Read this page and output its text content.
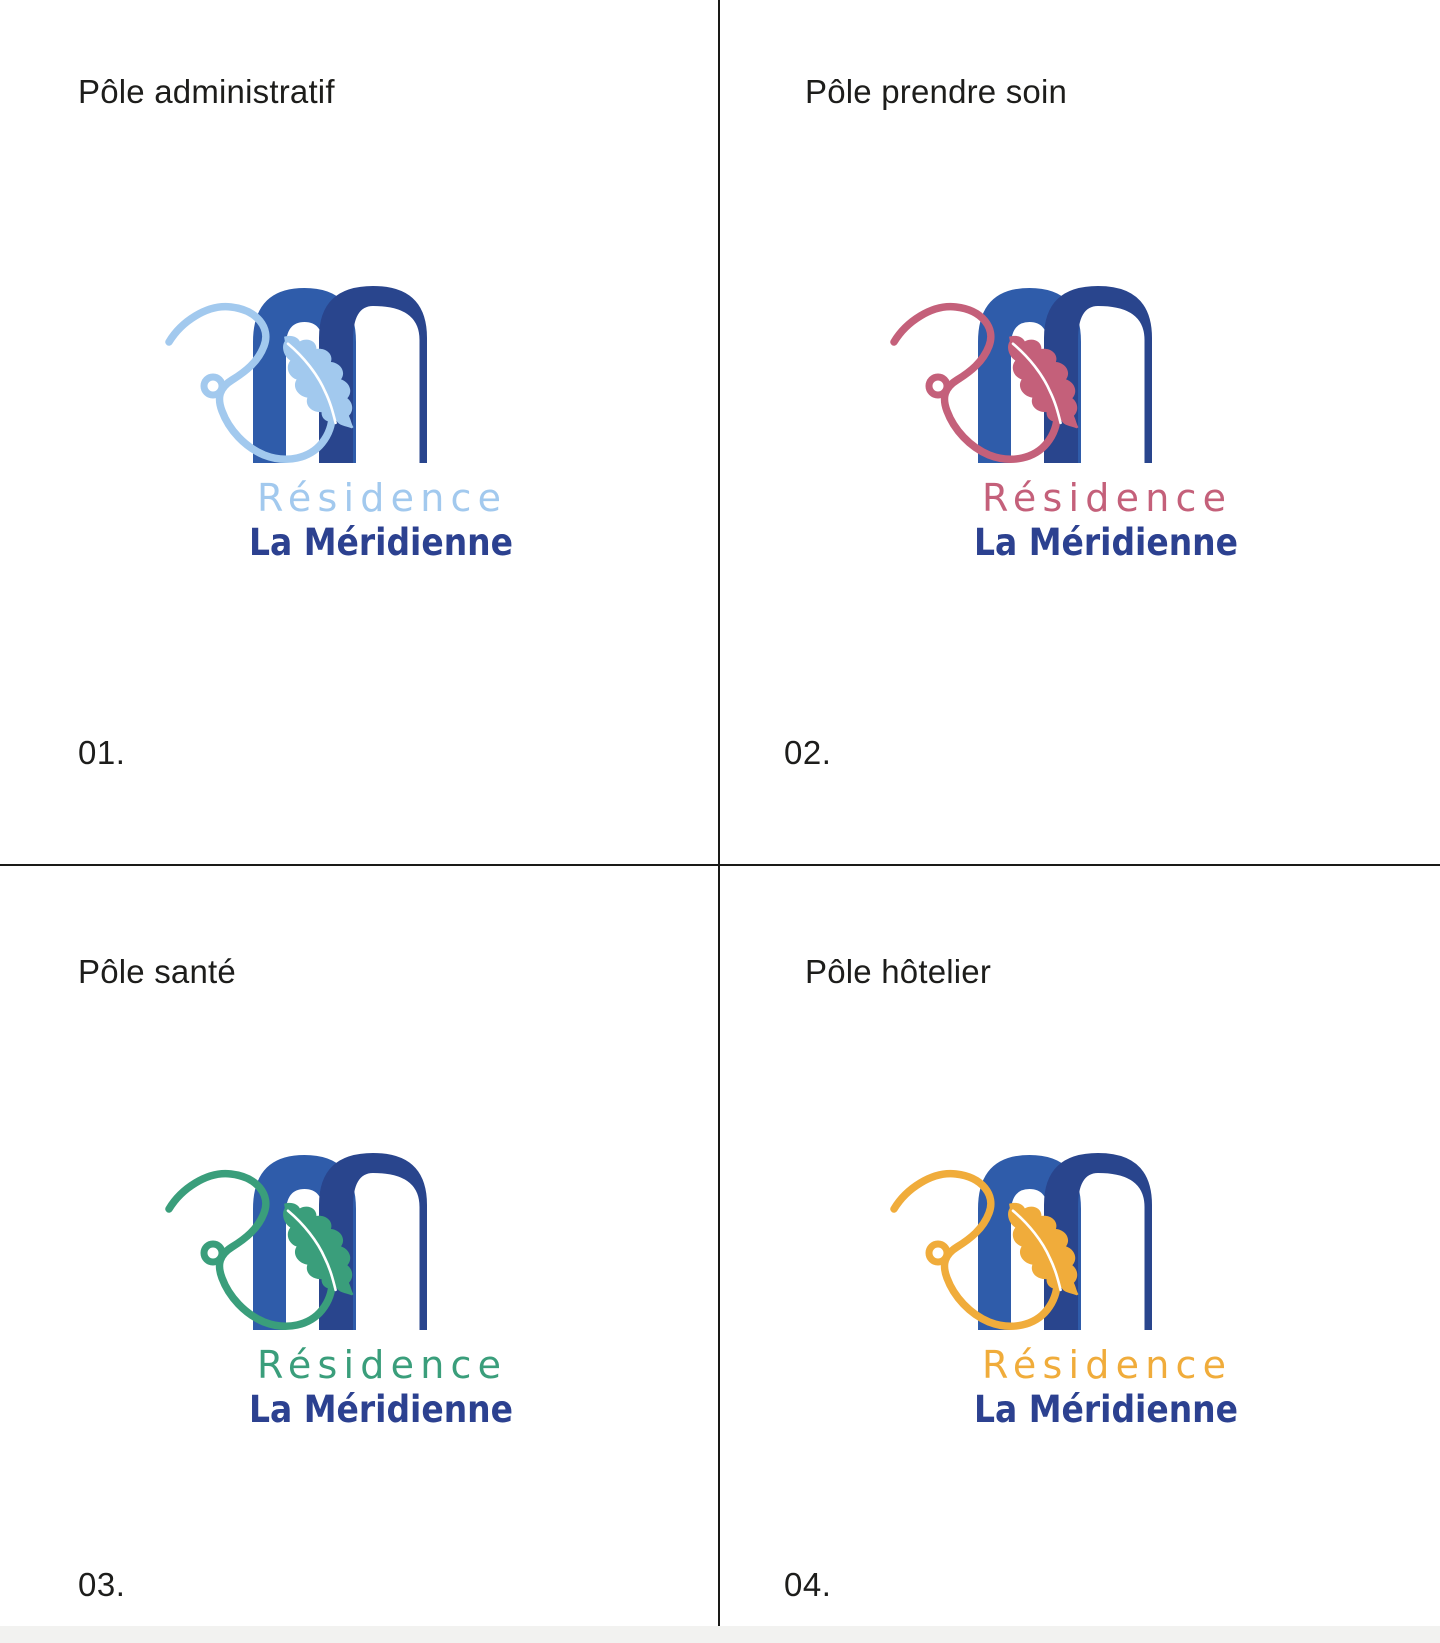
Pôle administratif
Résidence
La Méridienne
01.
Pôle prendre soin
Résidence
La Méridienne
02.
Pôle santé
Résidence
La Méridienne
03.
Pôle hôtelier
Résidence
La Méridienne
04.
